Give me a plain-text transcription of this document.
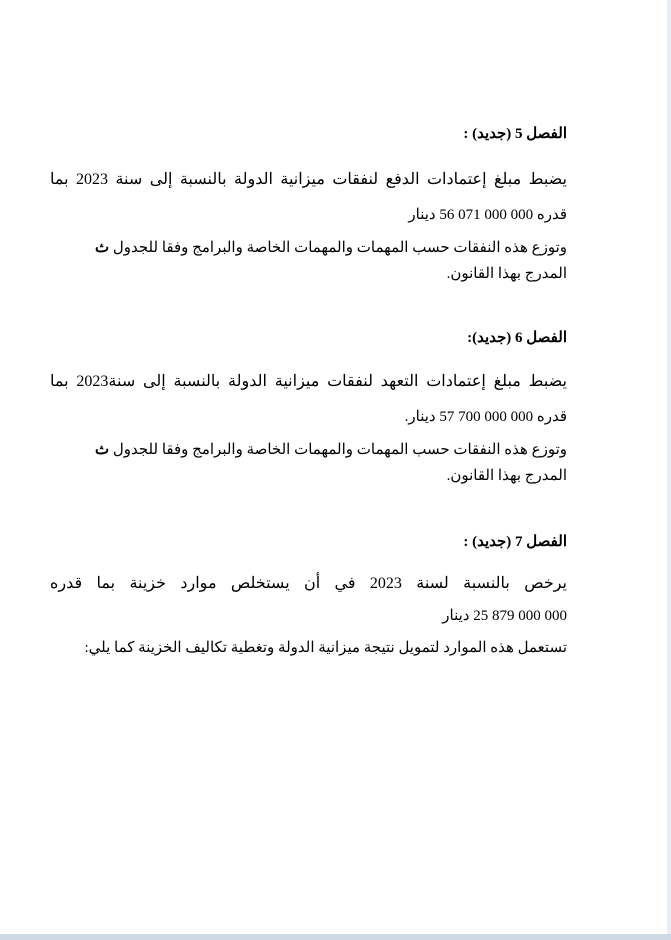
الفصل 5 (جديد) :
يضبط مبلغ إعتمادات الدفع لنفقات ميزانية الدولة بالنسبة إلى سنة 2023 بما
قدره 000 000 071 56 دينار
وتوزع هذه النفقات حسب المهمات والمهمات الخاصة والبرامج وفقا للجدول ث
المدرج بهذا القانون.
الفصل 6 (جديد):
يضبط مبلغ إعتمادات التعهد لنفقات ميزانية الدولة بالنسبة إلى سنة2023 بما
قدره 000 000 700 57 دينار.
وتوزع هذه النفقات حسب المهمات والمهمات الخاصة والبرامج وفقا للجدول ث
المدرج بهذا القانون.
الفصل 7 (جديد) :
يرخص بالنسبة لسنة 2023 في أن يستخلص موارد خزينة بما قدره
000 000 879 25 دينار
تستعمل هذه الموارد لتمويل نتيجة ميزانية الدولة وتغطية تكاليف الخزينة كما يلي:
